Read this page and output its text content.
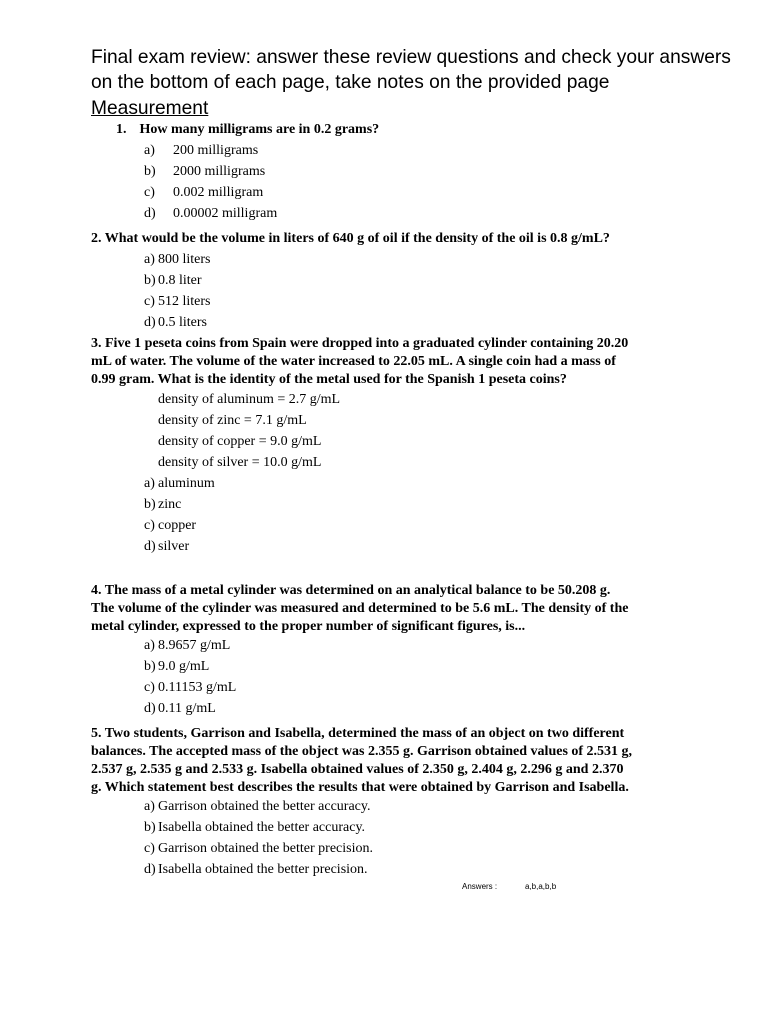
Final exam review: answer these review questions and check your answers on the bottom of each page, take notes on the provided page
Measurement
1. How many milligrams are in 0.2 grams?
a) 200 milligrams
b) 2000 milligrams
c) 0.002 milligram
d) 0.00002 milligram
2. What would be the volume in liters of 640 g of oil if the density of the oil is 0.8 g/mL?
a) 800 liters
b) 0.8 liter
c) 512 liters
d) 0.5 liters
3. Five 1 peseta coins from Spain were dropped into a graduated cylinder containing 20.20
mL of water. The volume of the water increased to 22.05 mL. A single coin had a mass of
0.99 gram. What is the identity of the metal used for the Spanish 1 peseta coins?
density of aluminum = 2.7 g/mL
density of zinc = 7.1 g/mL
density of copper = 9.0 g/mL
density of silver = 10.0 g/mL
a) aluminum
b) zinc
c) copper
d) silver
4. The mass of a metal cylinder was determined on an analytical balance to be 50.208 g.
The volume of the cylinder was measured and determined to be 5.6 mL. The density of the
metal cylinder, expressed to the proper number of significant figures, is...
a) 8.9657 g/mL
b) 9.0 g/mL
c) 0.11153 g/mL
d) 0.11 g/mL
5. Two students, Garrison and Isabella, determined the mass of an object on two different
balances. The accepted mass of the object was 2.355 g. Garrison obtained values of 2.531 g,
2.537 g, 2.535 g and 2.533 g. Isabella obtained values of 2.350 g, 2.404 g, 2.296 g and 2.370
g. Which statement best describes the results that were obtained by Garrison and Isabella.
a) Garrison obtained the better accuracy.
b) Isabella obtained the better accuracy.
c) Garrison obtained the better precision.
d) Isabella obtained the better precision.
Answers :	a,b,a,b,b
